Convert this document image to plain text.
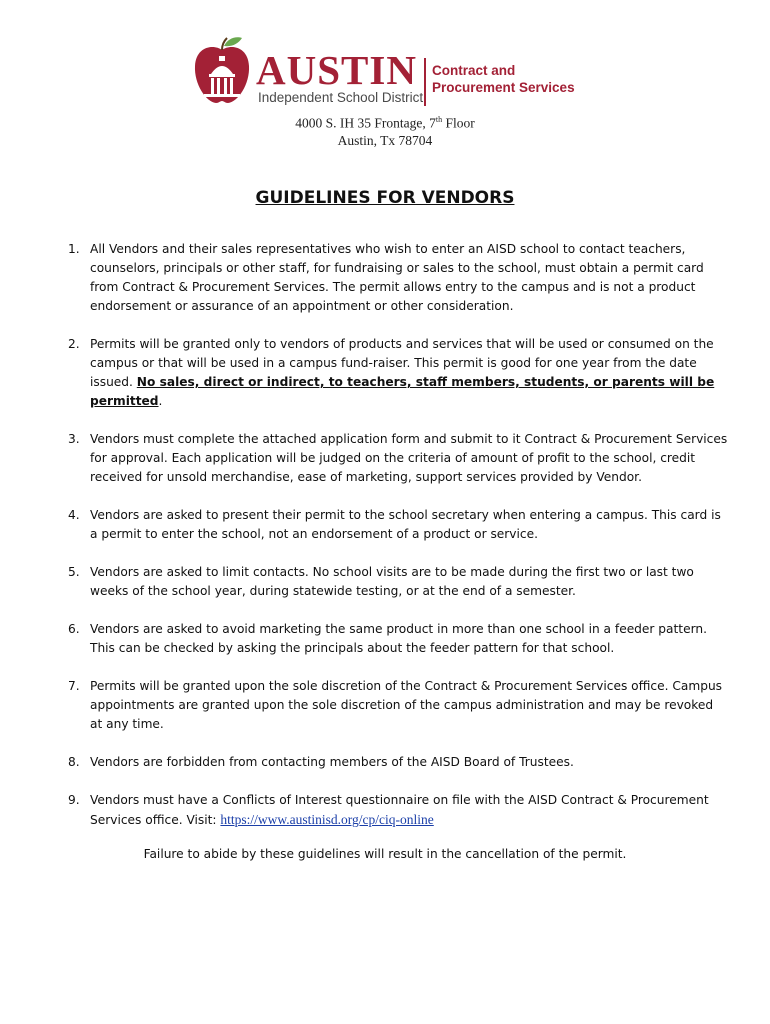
AUSTIN
Independent School District
Contract and
Procurement Services
4000 S. IH 35 Frontage, 7th Floor
Austin, Tx 78704
GUIDELINES FOR VENDORS
1. All Vendors and their sales representatives who wish to enter an AISD school to contact teachers, counselors, principals or other staff, for fundraising or sales to the school, must obtain a permit card from Contract & Procurement Services. The permit allows entry to the campus and is not a product endorsement or assurance of an appointment or other consideration.
2. Permits will be granted only to vendors of products and services that will be used or consumed on the campus or that will be used in a campus fund-raiser. This permit is good for one year from the date issued. No sales, direct or indirect, to teachers, staff members, students, or parents will be permitted.
3. Vendors must complete the attached application form and submit to it Contract & Procurement Services for approval. Each application will be judged on the criteria of amount of profit to the school, credit received for unsold merchandise, ease of marketing, support services provided by Vendor.
4. Vendors are asked to present their permit to the school secretary when entering a campus. This card is a permit to enter the school, not an endorsement of a product or service.
5. Vendors are asked to limit contacts. No school visits are to be made during the first two or last two weeks of the school year, during statewide testing, or at the end of a semester.
6. Vendors are asked to avoid marketing the same product in more than one school in a feeder pattern. This can be checked by asking the principals about the feeder pattern for that school.
7. Permits will be granted upon the sole discretion of the Contract & Procurement Services office. Campus appointments are granted upon the sole discretion of the campus administration and may be revoked at any time.
8. Vendors are forbidden from contacting members of the AISD Board of Trustees.
9. Vendors must have a Conflicts of Interest questionnaire on file with the AISD Contract & Procurement Services office. Visit: https://www.austinisd.org/cp/ciq-online
Failure to abide by these guidelines will result in the cancellation of the permit.
